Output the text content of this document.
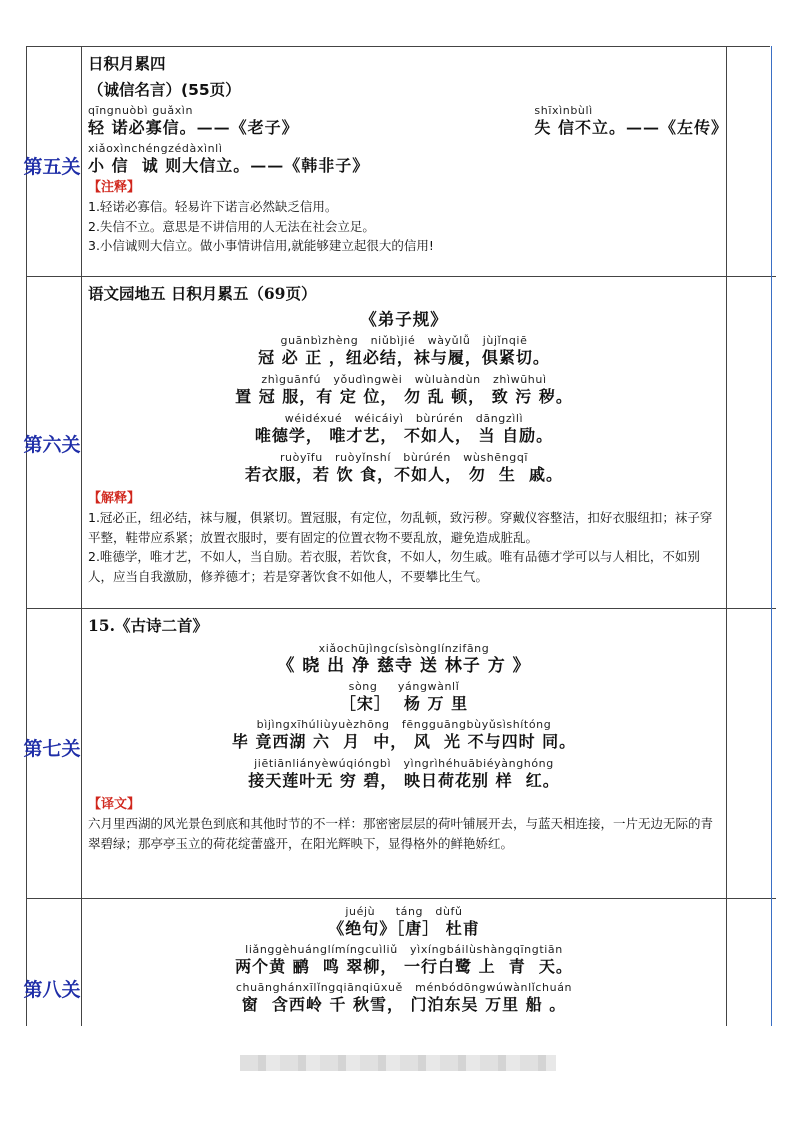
第五关
日积月累四
（诚信名言）(55页）
qīngnuòbì guǎxìn
轻 诺必寡信。——《老子》
shīxìnbùlì
失 信不立。——《左传》
xiǎoxìnchéngzédàxìnlì
小 信  诚 则大信立。——《韩非子》
【注释】
1.轻诺必寡信。轻易许下诺言必然缺乏信用。
2.失信不立。意思是不讲信用的人无法在社会立足。
3.小信诚则大信立。做小事情讲信用,就能够建立起很大的信用!
第六关
语文园地五 日积月累五（69页）
《弟子规》
guānbìzhèng   niǔbìjié   wàyǔlǚ   jùjǐnqiē
冠 必 正 ，纽必结，袜与履，俱紧切。
zhìguānfú   yǒudìngwèi   wùluàndùn   zhìwūhuì
置 冠 服，有 定 位， 勿 乱 顿， 致 污 秽。
wéidéxué   wéicáiyì   bùrúrén   dāngzìlì
唯德学， 唯才艺， 不如人， 当 自励。
ruòyīfu   ruòyǐnshí   bùrúrén   wùshēngqī
若衣服，若 饮 食，不如人， 勿  生  戚。
【解释】
1.冠必正，纽必结，袜与履，俱紧切。置冠服，有定位，勿乱顿，致污秽。穿戴仪容整洁，扣好衣服纽扣；袜子穿平整，鞋带应系紧；放置衣服时，要有固定的位置衣物不要乱放，避免造成脏乱。
2.唯德学，唯才艺，不如人，当自励。若衣服，若饮食，不如人，勿生戚。唯有品德才学可以与人相比，不如别人，应当自我激励，修养德才；若是穿著饮食不如他人，不要攀比生气。
第七关
15.《古诗二首》
xiǎochūjìngcísìsònglínzifāng
《 晓 出 净 慈寺 送 林子 方 》
sòng     yángwànlǐ
［宋］  杨 万 里
bìjìngxīhúliùyuèzhōng   fēngguāngbùyǔsìshítóng
毕 竟西湖 六  月  中， 风  光 不与四时 同。
jiētiānliányèwúqióngbì   yìngrìhéhuābiéyànghóng
接天莲叶无 穷 碧， 映日荷花别 样  红。
【译文】
六月里西湖的风光景色到底和其他时节的不一样：那密密层层的荷叶铺展开去，与蓝天相连接，一片无边无际的青翠碧绿；那亭亭玉立的荷花绽蕾盛开，在阳光辉映下，显得格外的鲜艳娇红。
第八关
juéjù     táng   dùfǔ
《绝句》［唐］ 杜甫
liǎnggèhuánglímíngcuìliǔ   yìxíngbáilùshàngqīngtiān
两个黄 鹂  鸣 翠柳， 一行白鹭 上  青  天。
chuānghánxīlǐngqiānqiūxuě   ménbódōngwúwànlǐchuán
窗  含西岭 千 秋雪， 门泊东吴 万里 船 。
